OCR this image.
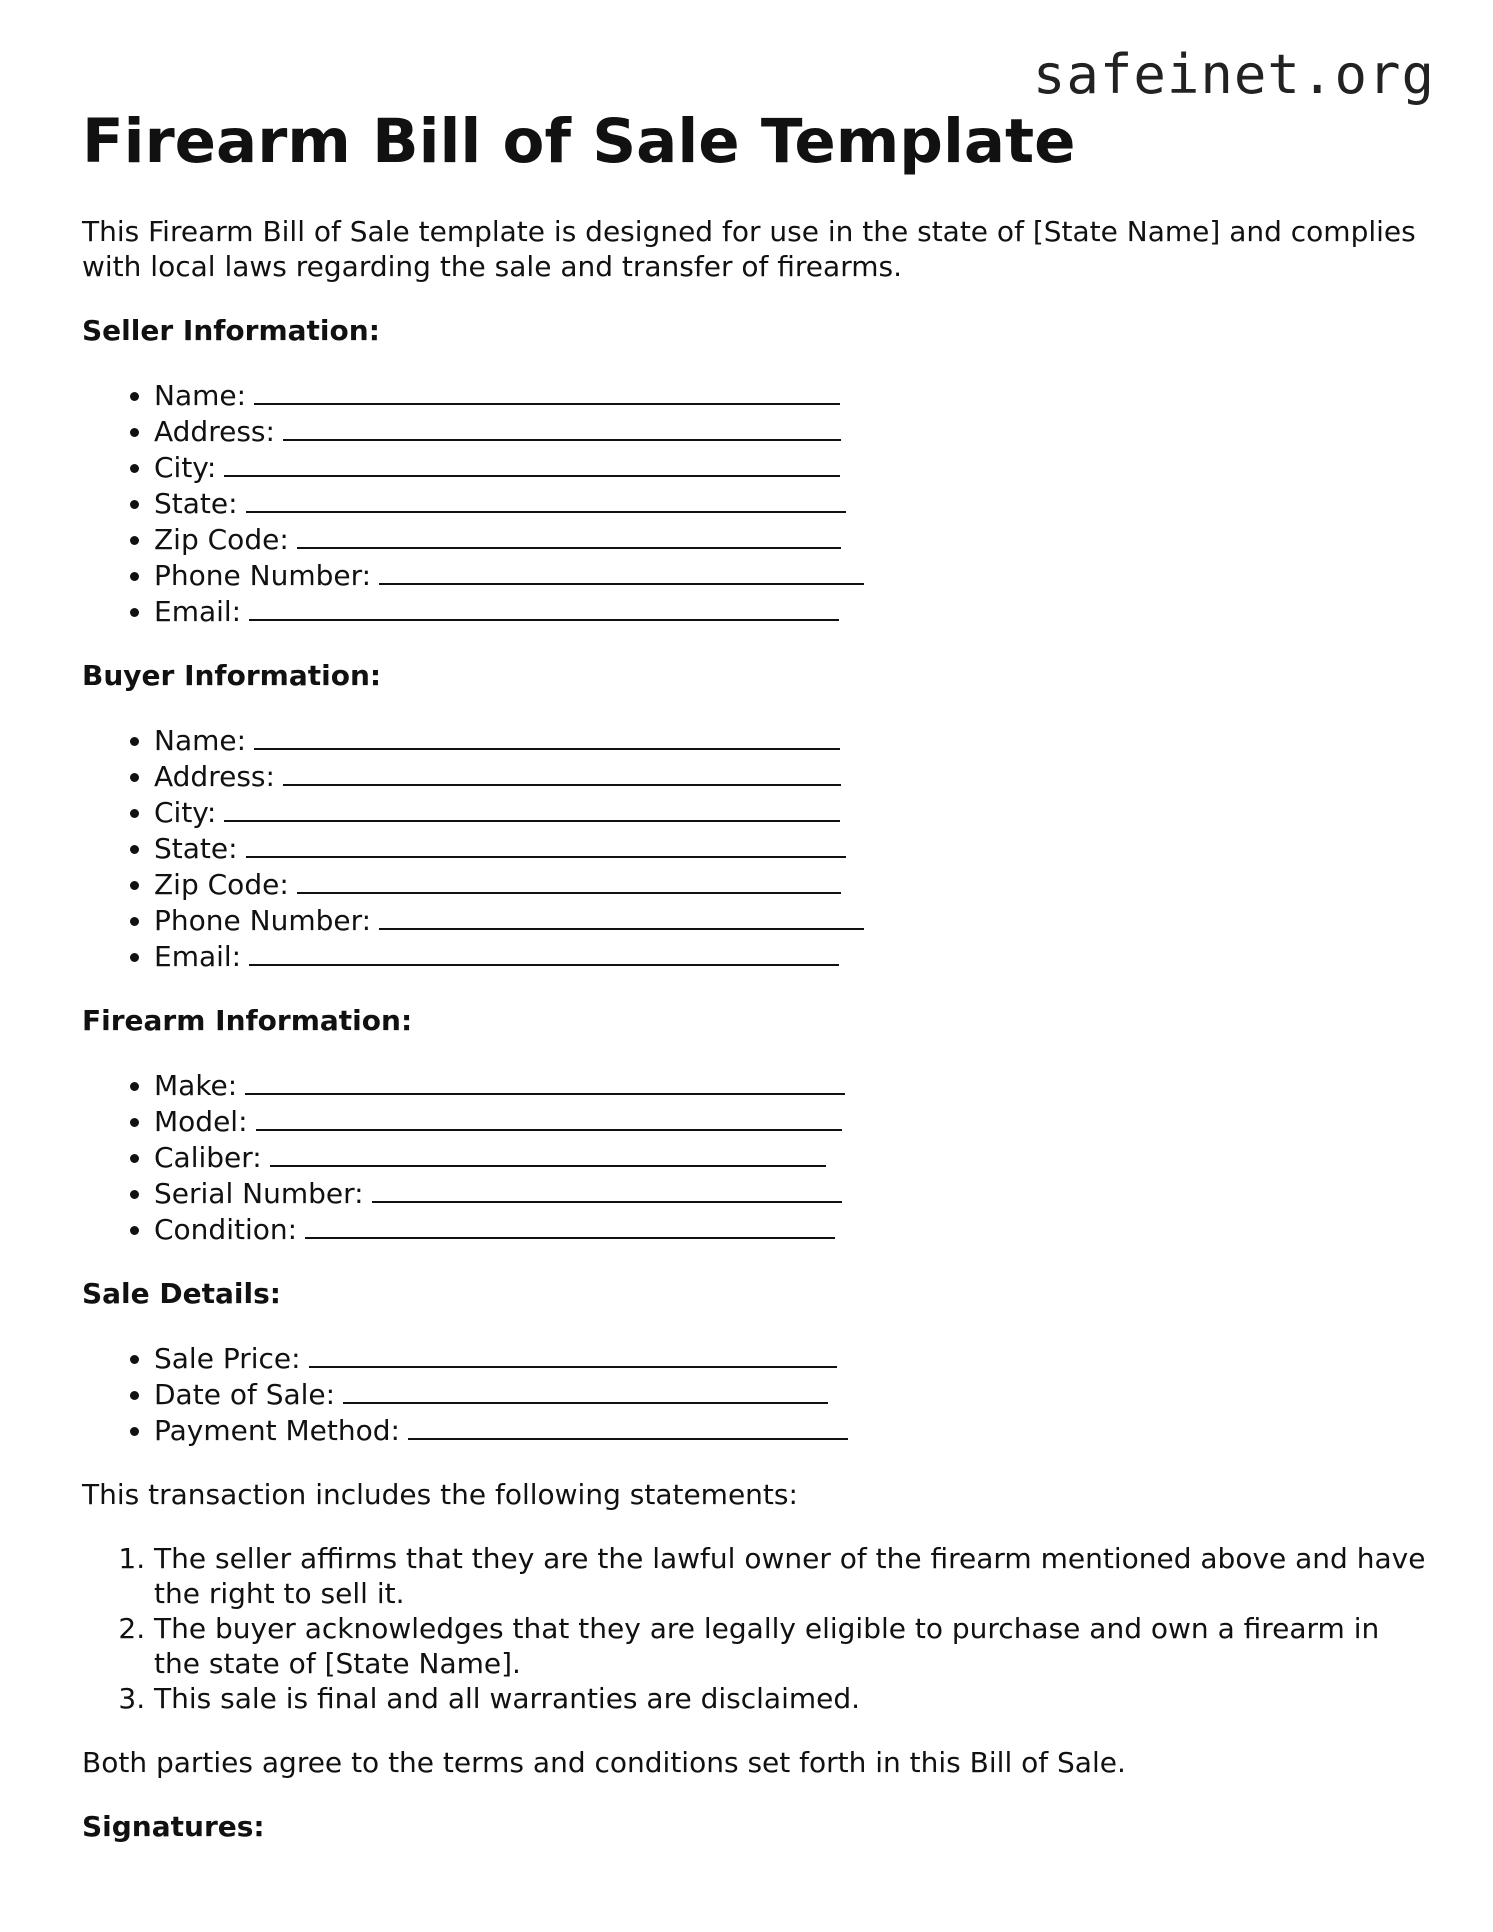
safeinet.org
Firearm Bill of Sale Template

This Firearm Bill of Sale template is designed for use in the state of [State Name] and complies with local laws regarding the sale and transfer of firearms.

Seller Information:
• Name:
• Address:
• City:
• State:
• Zip Code:
• Phone Number:
• Email:
Buyer Information:
• Name:
• Address:
• City:
• State:
• Zip Code:
• Phone Number:
• Email:
Firearm Information:
• Make:
• Model:
• Caliber:
• Serial Number:
• Condition:
Sale Details:
• Sale Price:
• Date of Sale:
• Payment Method:

This transaction includes the following statements:

1. The seller affirms that they are the lawful owner of the firearm mentioned above and have the right to sell it.
2. The buyer acknowledges that they are legally eligible to purchase and own a firearm in the state of [State Name].
3. This sale is final and all warranties are disclaimed.

Both parties agree to the terms and conditions set forth in this Bill of Sale.

Signatures:
